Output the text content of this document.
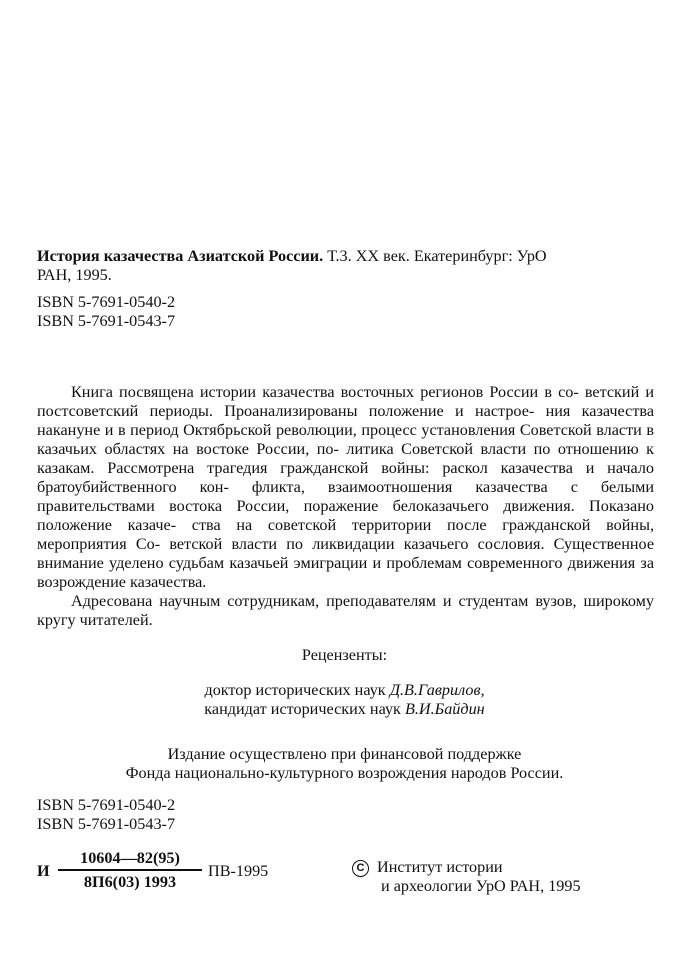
История казачества Азиатской России. Т.3. XX век. Екатеринбург: УрО
РАН, 1995.
ISBN 5-7691-0540-2
ISBN 5-7691-0543-7

Книга посвящена истории казачества восточных регионов России в со- ветский и постсоветский периоды. Проанализированы положение и настрое- ния казачества накануне и в период Октябрьской революции, процесс установления Советской власти в казачьих областях на востоке России, по- литика Советской власти по отношению к казакам. Рассмотрена трагедия гражданской войны: раскол казачества и начало братоубийственного кон- фликта, взаимоотношения казачества с белыми правительствами востока России, поражение белоказачьего движения. Показано положение казаче- ства на советской территории после гражданской войны, мероприятия Со- ветской власти по ликвидации казачьего сословия. Существенное внимание уделено судьбам казачьей эмиграции и проблемам современного движения за возрождение казачества.

Адресована научным сотрудникам, преподавателям и студентам вузов, широкому кругу читателей.

Рецензенты:
доктор исторических наук Д.В.Гаврилов,
кандидат исторических наук В.И.Байдин
Издание осуществлено при финансовой поддержке
Фонда национально-культурного возрождения народов России.
ISBN 5-7691-0540-2
ISBN 5-7691-0543-7
И
10604—82(95)
8П6(03) 1993
ПВ-1995	С Институт истории
и археологии УрО РАН, 1995
